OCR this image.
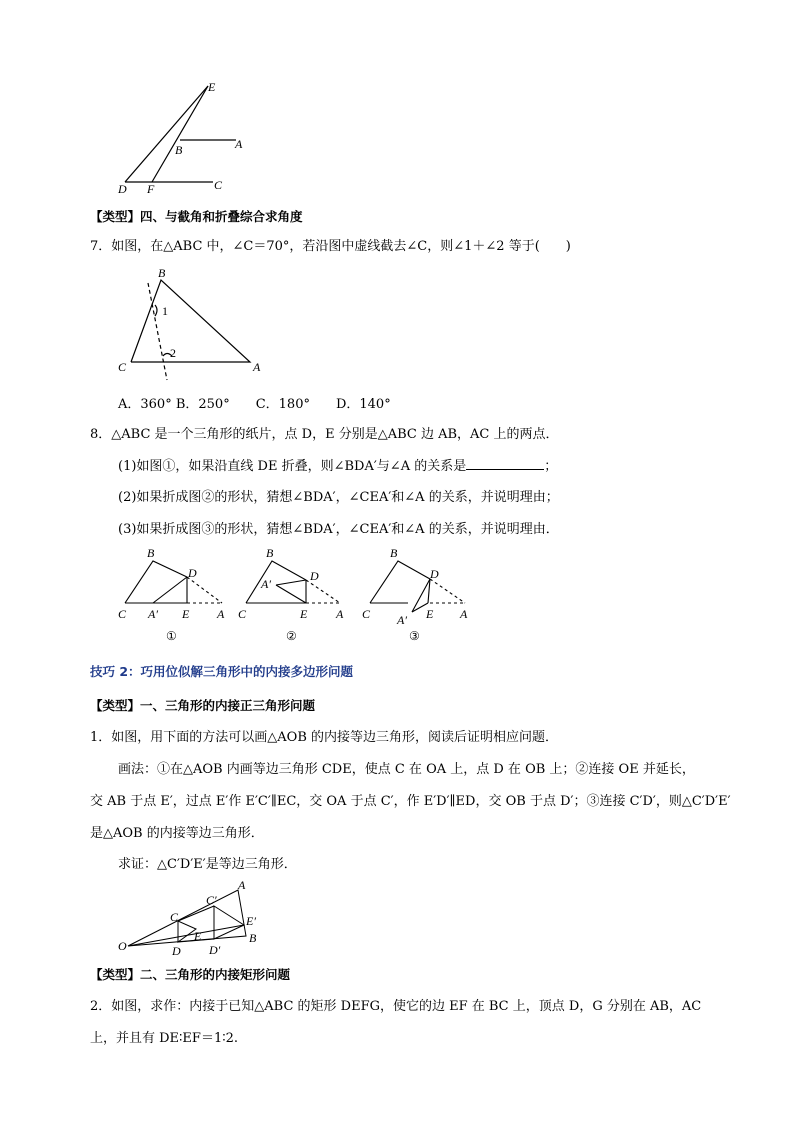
E
B	A
D F	C
【类型】四、与截角和折叠综合求角度
7．如图，在△ABC 中，∠C＝70°，若沿图中虚线截去∠C，则∠1＋∠2 等于(　　)
B
C	A
1
2
A．360° B．250°　　C．180°　　D．140°
8．△ABC 是一个三角形的纸片，点 D，E 分别是△ABC 边 AB，AC 上的两点．
(1)如图①，如果沿直线 DE 折叠，则∠BDA′与∠A 的关系是	；
(2)如果折成图②的形状，猜想∠BDA′，∠CEA′和∠A 的关系，并说明理由；
(3)如果折成图③的形状，猜想∠BDA′，∠CEA′和∠A 的关系，并说明理由．
B
D
C A′ E A
①
B
A′
D
C	E A
②
B
D
C A′ E A
③
技巧 2：巧用位似解三角形中的内接多边形问题
【类型】一、三角形的内接正三角形问题
1．如图，用下面的方法可以画△AOB 的内接等边三角形，阅读后证明相应问题．
画法：①在△AOB 内画等边三角形 CDE，使点 C 在 OA 上，点 D 在 OB 上；②连接 OE 并延长，
交 AB 于点 E′，过点 E′作 E′C′∥EC，交 OA 于点 C′，作 E′D′∥ED，交 OB 于点 D′；③连接 C′D′，则△C′D′E′
是△AOB 的内接等边三角形．
求证：△C′D′E′是等边三角形．
A
C′
C	E′
O
E	B
D D′
【类型】二、三角形的内接矩形问题
2．如图，求作：内接于已知△ABC 的矩形 DEFG，使它的边 EF 在 BC 上，顶点 D，G 分别在 AB，AC
上，并且有 DE∶EF＝1∶2.
